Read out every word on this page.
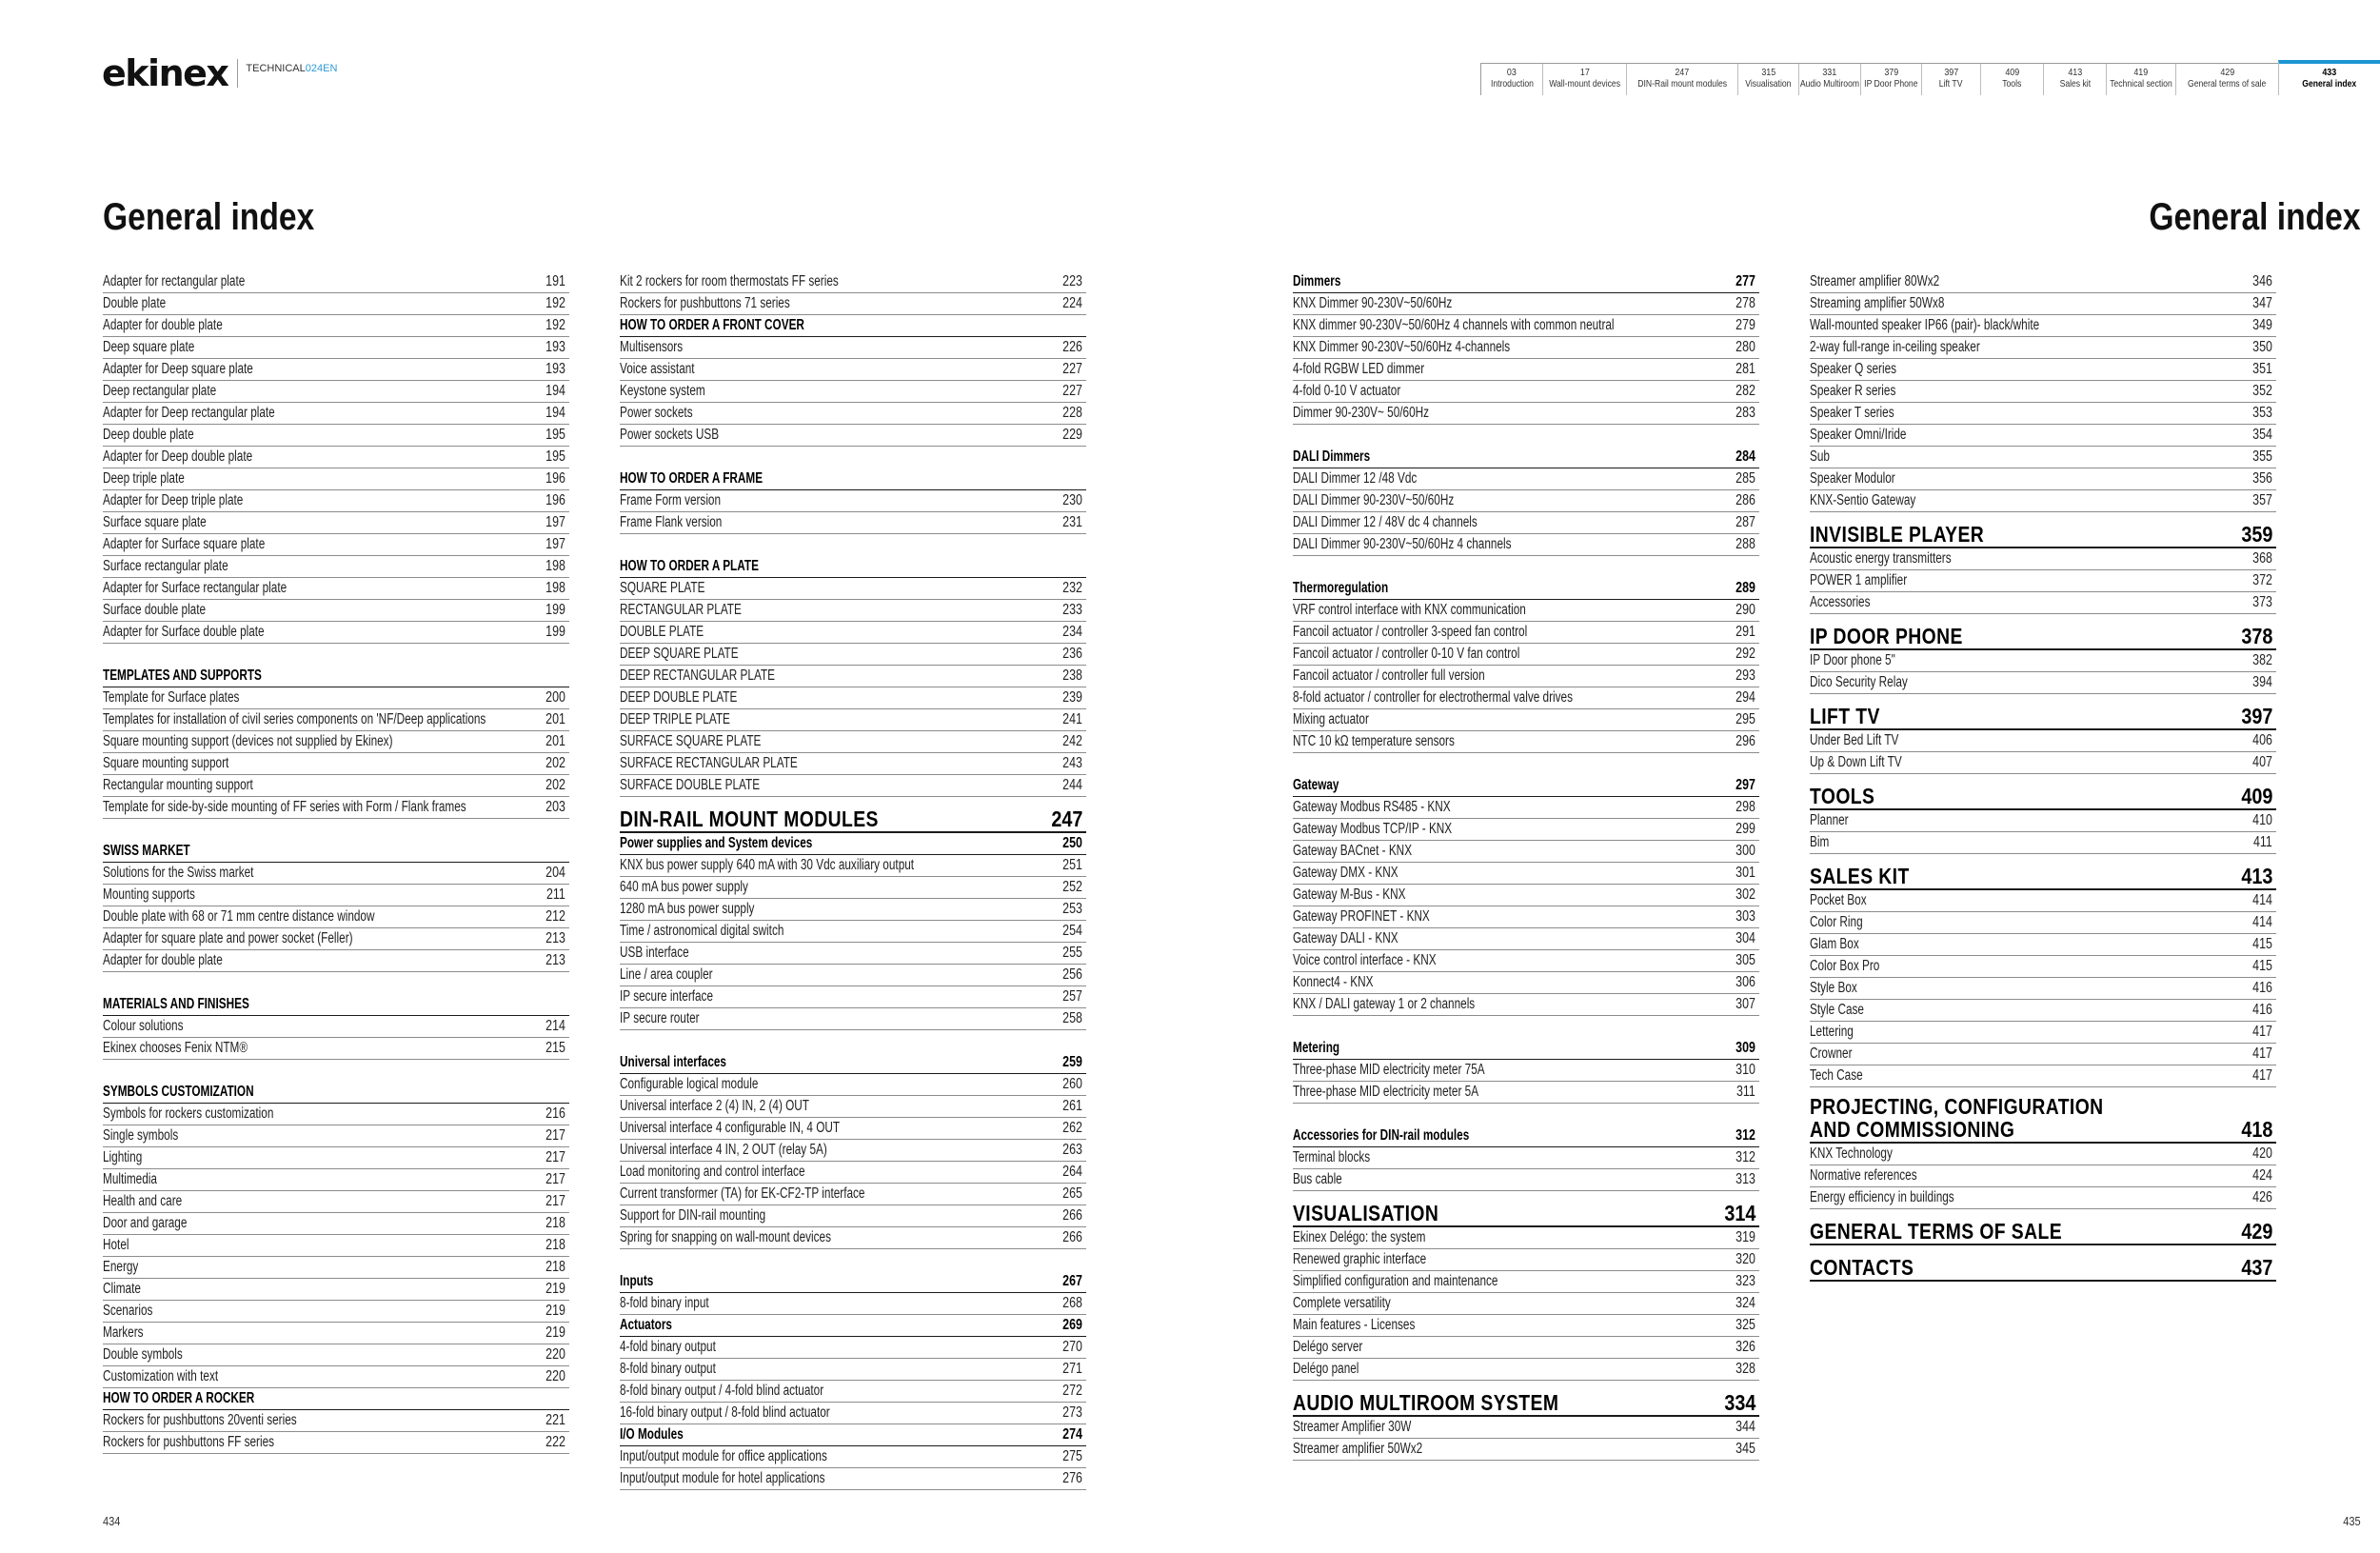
ekinex TECHNICAL024EN	03
Introduction
17
Wall-mount devices
247
DIN-Rail mount modules
315
Visualisation
331
Audio Multiroom
379
IP Door Phone
397
Lift TV
409
Tools
413
Sales kit
419
Technical section
429
General terms of sale
433
General index
General index	General index
Adapter for rectangular plate	191
Double plate	192
Adapter for double plate	192
Deep square plate	193
Adapter for Deep square plate	193
Deep rectangular plate	194
Adapter for Deep rectangular plate	194
Deep double plate	195
Adapter for Deep double plate	195
Deep triple plate	196
Adapter for Deep triple plate	196
Surface square plate	197
Adapter for Surface square plate	197
Surface rectangular plate	198
Adapter for Surface rectangular plate	198
Surface double plate	199
Adapter for Surface double plate	199
TEMPLATES AND SUPPORTS
Template for Surface plates	200
Templates for installation of civil series components on 'NF/Deep applications	201
Square mounting support (devices not supplied by Ekinex)	201
Square mounting support	202
Rectangular mounting support	202
Template for side-by-side mounting of FF series with Form / Flank frames	203
SWISS MARKET
Solutions for the Swiss market	204
Mounting supports	211
Double plate with 68 or 71 mm centre distance window	212
Adapter for square plate and power socket (Feller)	213
Adapter for double plate	213
MATERIALS AND FINISHES
Colour solutions	214
Ekinex chooses Fenix NTM®	215
SYMBOLS CUSTOMIZATION
Symbols for rockers customization	216
Single symbols	217
Lighting	217
Multimedia	217
Health and care	217
Door and garage	218
Hotel	218
Energy	218
Climate	219
Scenarios	219
Markers	219
Double symbols	220
Customization with text	220
HOW TO ORDER A ROCKER
Rockers for pushbuttons 20venti series	221
Rockers for pushbuttons FF series	222
Kit 2 rockers for room thermostats FF series	223
Rockers for pushbuttons 71 series	224
HOW TO ORDER A FRONT COVER
Multisensors	226
Voice assistant	227
Keystone system	227
Power sockets	228
Power sockets USB	229
HOW TO ORDER A FRAME
Frame Form version	230
Frame Flank version	231
HOW TO ORDER A PLATE
SQUARE PLATE	232
RECTANGULAR PLATE	233
DOUBLE PLATE	234
DEEP SQUARE PLATE	236
DEEP RECTANGULAR PLATE	238
DEEP DOUBLE PLATE	239
DEEP TRIPLE PLATE	241
SURFACE SQUARE PLATE	242
SURFACE RECTANGULAR PLATE	243
SURFACE DOUBLE PLATE	244
DIN-RAIL MOUNT MODULES	247
Power supplies and System devices	250
KNX bus power supply 640 mA with 30 Vdc auxiliary output	251
640 mA bus power supply	252
1280 mA bus power supply	253
Time / astronomical digital switch	254
USB interface	255
Line / area coupler	256
IP secure interface	257
IP secure router	258
Universal interfaces	259
Configurable logical module	260
Universal interface 2 (4) IN, 2 (4) OUT	261
Universal interface 4 configurable IN, 4 OUT	262
Universal interface 4 IN, 2 OUT (relay 5A)	263
Load monitoring and control interface	264
Current transformer (TA) for EK-CF2-TP interface	265
Support for DIN-rail mounting	266
Spring for snapping on wall-mount devices	266
Inputs	267
8-fold binary input	268
Actuators	269
4-fold binary output	270
8-fold binary output	271
8-fold binary output / 4-fold blind actuator	272
16-fold binary output / 8-fold blind actuator	273
I/O Modules	274
Input/output module for office applications	275
Input/output module for hotel applications	276
Dimmers	277
KNX Dimmer 90-230V~50/60Hz	278
KNX dimmer 90-230V~50/60Hz 4 channels with common neutral	279
KNX Dimmer 90-230V~50/60Hz 4-channels	280
4-fold RGBW LED dimmer	281
4-fold 0-10 V actuator	282
Dimmer 90-230V~ 50/60Hz	283
DALI Dimmers	284
DALI Dimmer 12 /48 Vdc	285
DALI Dimmer 90-230V~50/60Hz	286
DALI Dimmer 12 / 48V dc 4 channels	287
DALI Dimmer 90-230V~50/60Hz 4 channels	288
Thermoregulation	289
VRF control interface with KNX communication	290
Fancoil actuator / controller 3-speed fan control	291
Fancoil actuator / controller 0-10 V fan control	292
Fancoil actuator / controller full version	293
8-fold actuator / controller for electrothermal valve drives	294
Mixing actuator	295
NTC 10 kΩ temperature sensors	296
Gateway	297
Gateway Modbus RS485 - KNX	298
Gateway Modbus TCP/IP - KNX	299
Gateway BACnet - KNX	300
Gateway DMX - KNX	301
Gateway M-Bus - KNX	302
Gateway PROFINET - KNX	303
Gateway DALI - KNX	304
Voice control interface - KNX	305
Konnect4 - KNX	306
KNX / DALI gateway 1 or 2 channels	307
Metering	309
Three-phase MID electricity meter 75A	310
Three-phase MID electricity meter 5A	311
Accessories for DIN-rail modules	312
Terminal blocks	312
Bus cable	313
VISUALISATION	314
Ekinex Delégo: the system	319
Renewed graphic interface	320
Simplified configuration and maintenance	323
Complete versatility	324
Main features - Licenses	325
Delégo server	326
Delégo panel	328
AUDIO MULTIROOM SYSTEM	334
Streamer Amplifier 30W	344
Streamer amplifier 50Wx2	345
Streamer amplifier 80Wx2	346
Streaming amplifier 50Wx8	347
Wall-mounted speaker IP66 (pair)- black/white	349
2-way full-range in-ceiling speaker	350
Speaker Q series	351
Speaker R series	352
Speaker T series	353
Speaker Omni/Iride	354
Sub	355
Speaker Modulor	356
KNX-Sentio Gateway	357
INVISIBLE PLAYER	359
Acoustic energy transmitters	368
POWER 1 amplifier	372
Accessories	373
IP DOOR PHONE	378
IP Door phone 5"	382
Dico Security Relay	394
LIFT TV	397
Under Bed Lift TV	406
Up & Down Lift TV	407
TOOLS	409
Planner	410
Bim	411
SALES KIT	413
Pocket Box	414
Color Ring	414
Glam Box	415
Color Box Pro	415
Style Box	416
Style Case	416
Lettering	417
Crowner	417
Tech Case	417
PROJECTING, CONFIGURATION
AND COMMISSIONING	418
KNX Technology	420
Normative references	424
Energy efficiency in buildings	426
GENERAL TERMS OF SALE	429
CONTACTS	437
434	435
